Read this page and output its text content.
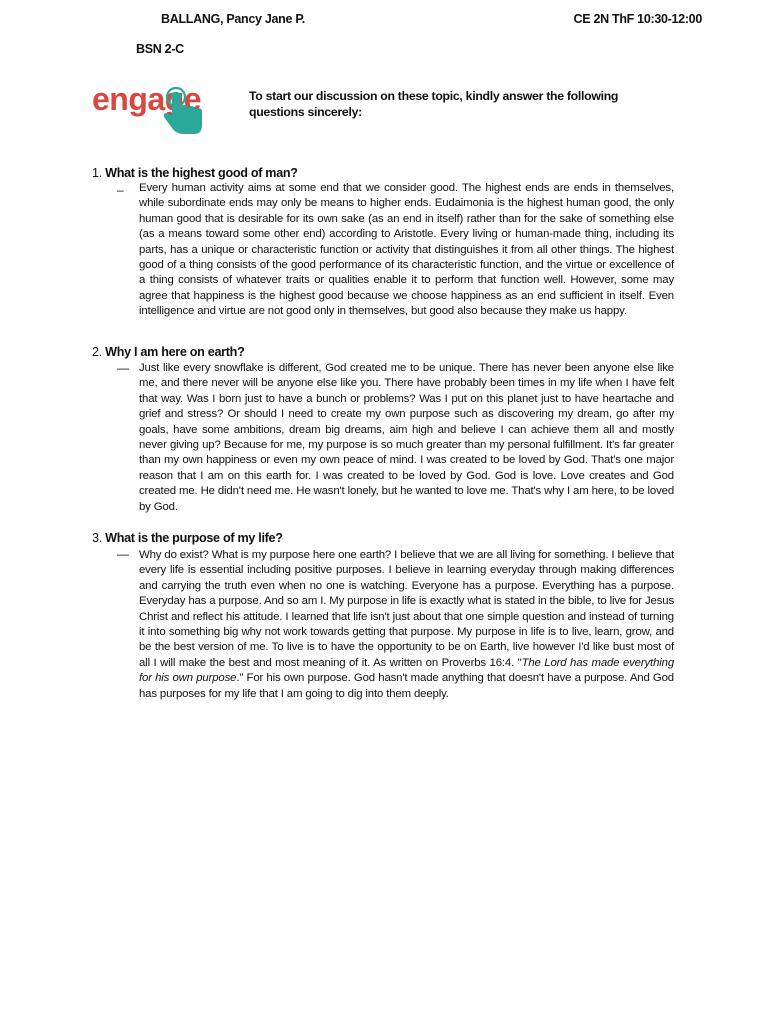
BALLANG, Pancy Jane P.	CE 2N ThF 10:30-12:00
BSN 2-C
engage	To start our discussion on these topic, kindly answer the following questions sincerely:
1. What is the highest good of man?
– Every human activity aims at some end that we consider good. The highest ends are ends in themselves, while subordinate ends may only be means to higher ends. Eudaimonia is the highest human good, the only human good that is desirable for its own sake (as an end in itself) rather than for the sake of something else (as a means toward some other end) according to Aristotle. Every living or human-made thing, including its parts, has a unique or characteristic function or activity that distinguishes it from all other things. The highest good of a thing consists of the good performance of its characteristic function, and the virtue or excellence of a thing consists of whatever traits or qualities enable it to perform that function well. However, some may agree that happiness is the highest good because we choose happiness as an end sufficient in itself. Even intelligence and virtue are not good only in themselves, but good also because they make us happy.
2. Why I am here on earth?
— Just like every snowflake is different, God created me to be unique. There has never been anyone else like me, and there never will be anyone else like you. There have probably been times in my life when I have felt that way. Was I born just to have a bunch or problems? Was I put on this planet just to have heartache and grief and stress? Or should I need to create my own purpose such as discovering my dream, go after my goals, have some ambitions, dream big dreams, aim high and believe I can achieve them all and mostly never giving up? Because for me, my purpose is so much greater than my personal fulfillment. It's far greater than my own happiness or even my own peace of mind. I was created to be loved by God. That's one major reason that I am on this earth for. I was created to be loved by God. God is love. Love creates and God created me. He didn't need me. He wasn't lonely, but he wanted to love me. That's why I am here, to be loved by God.
3. What is the purpose of my life?
— Why do exist? What is my purpose here one earth? I believe that we are all living for something. I believe that every life is essential including positive purposes. I believe in learning everyday through making differences and carrying the truth even when no one is watching. Everyone has a purpose. Everything has a purpose. Everyday has a purpose. And so am I. My purpose in life is exactly what is stated in the bible, to live for Jesus Christ and reflect his attitude. I learned that life isn't just about that one simple question and instead of turning it into something big why not work towards getting that purpose. My purpose in life is to live, learn, grow, and be the best version of me. To live is to have the opportunity to be on Earth, live however I'd like bust most of all I will make the best and most meaning of it. As written on Proverbs 16:4. "The Lord has made everything for his own purpose." For his own purpose. God hasn't made anything that doesn't have a purpose. And God has purposes for my life that I am going to dig into them deeply.
